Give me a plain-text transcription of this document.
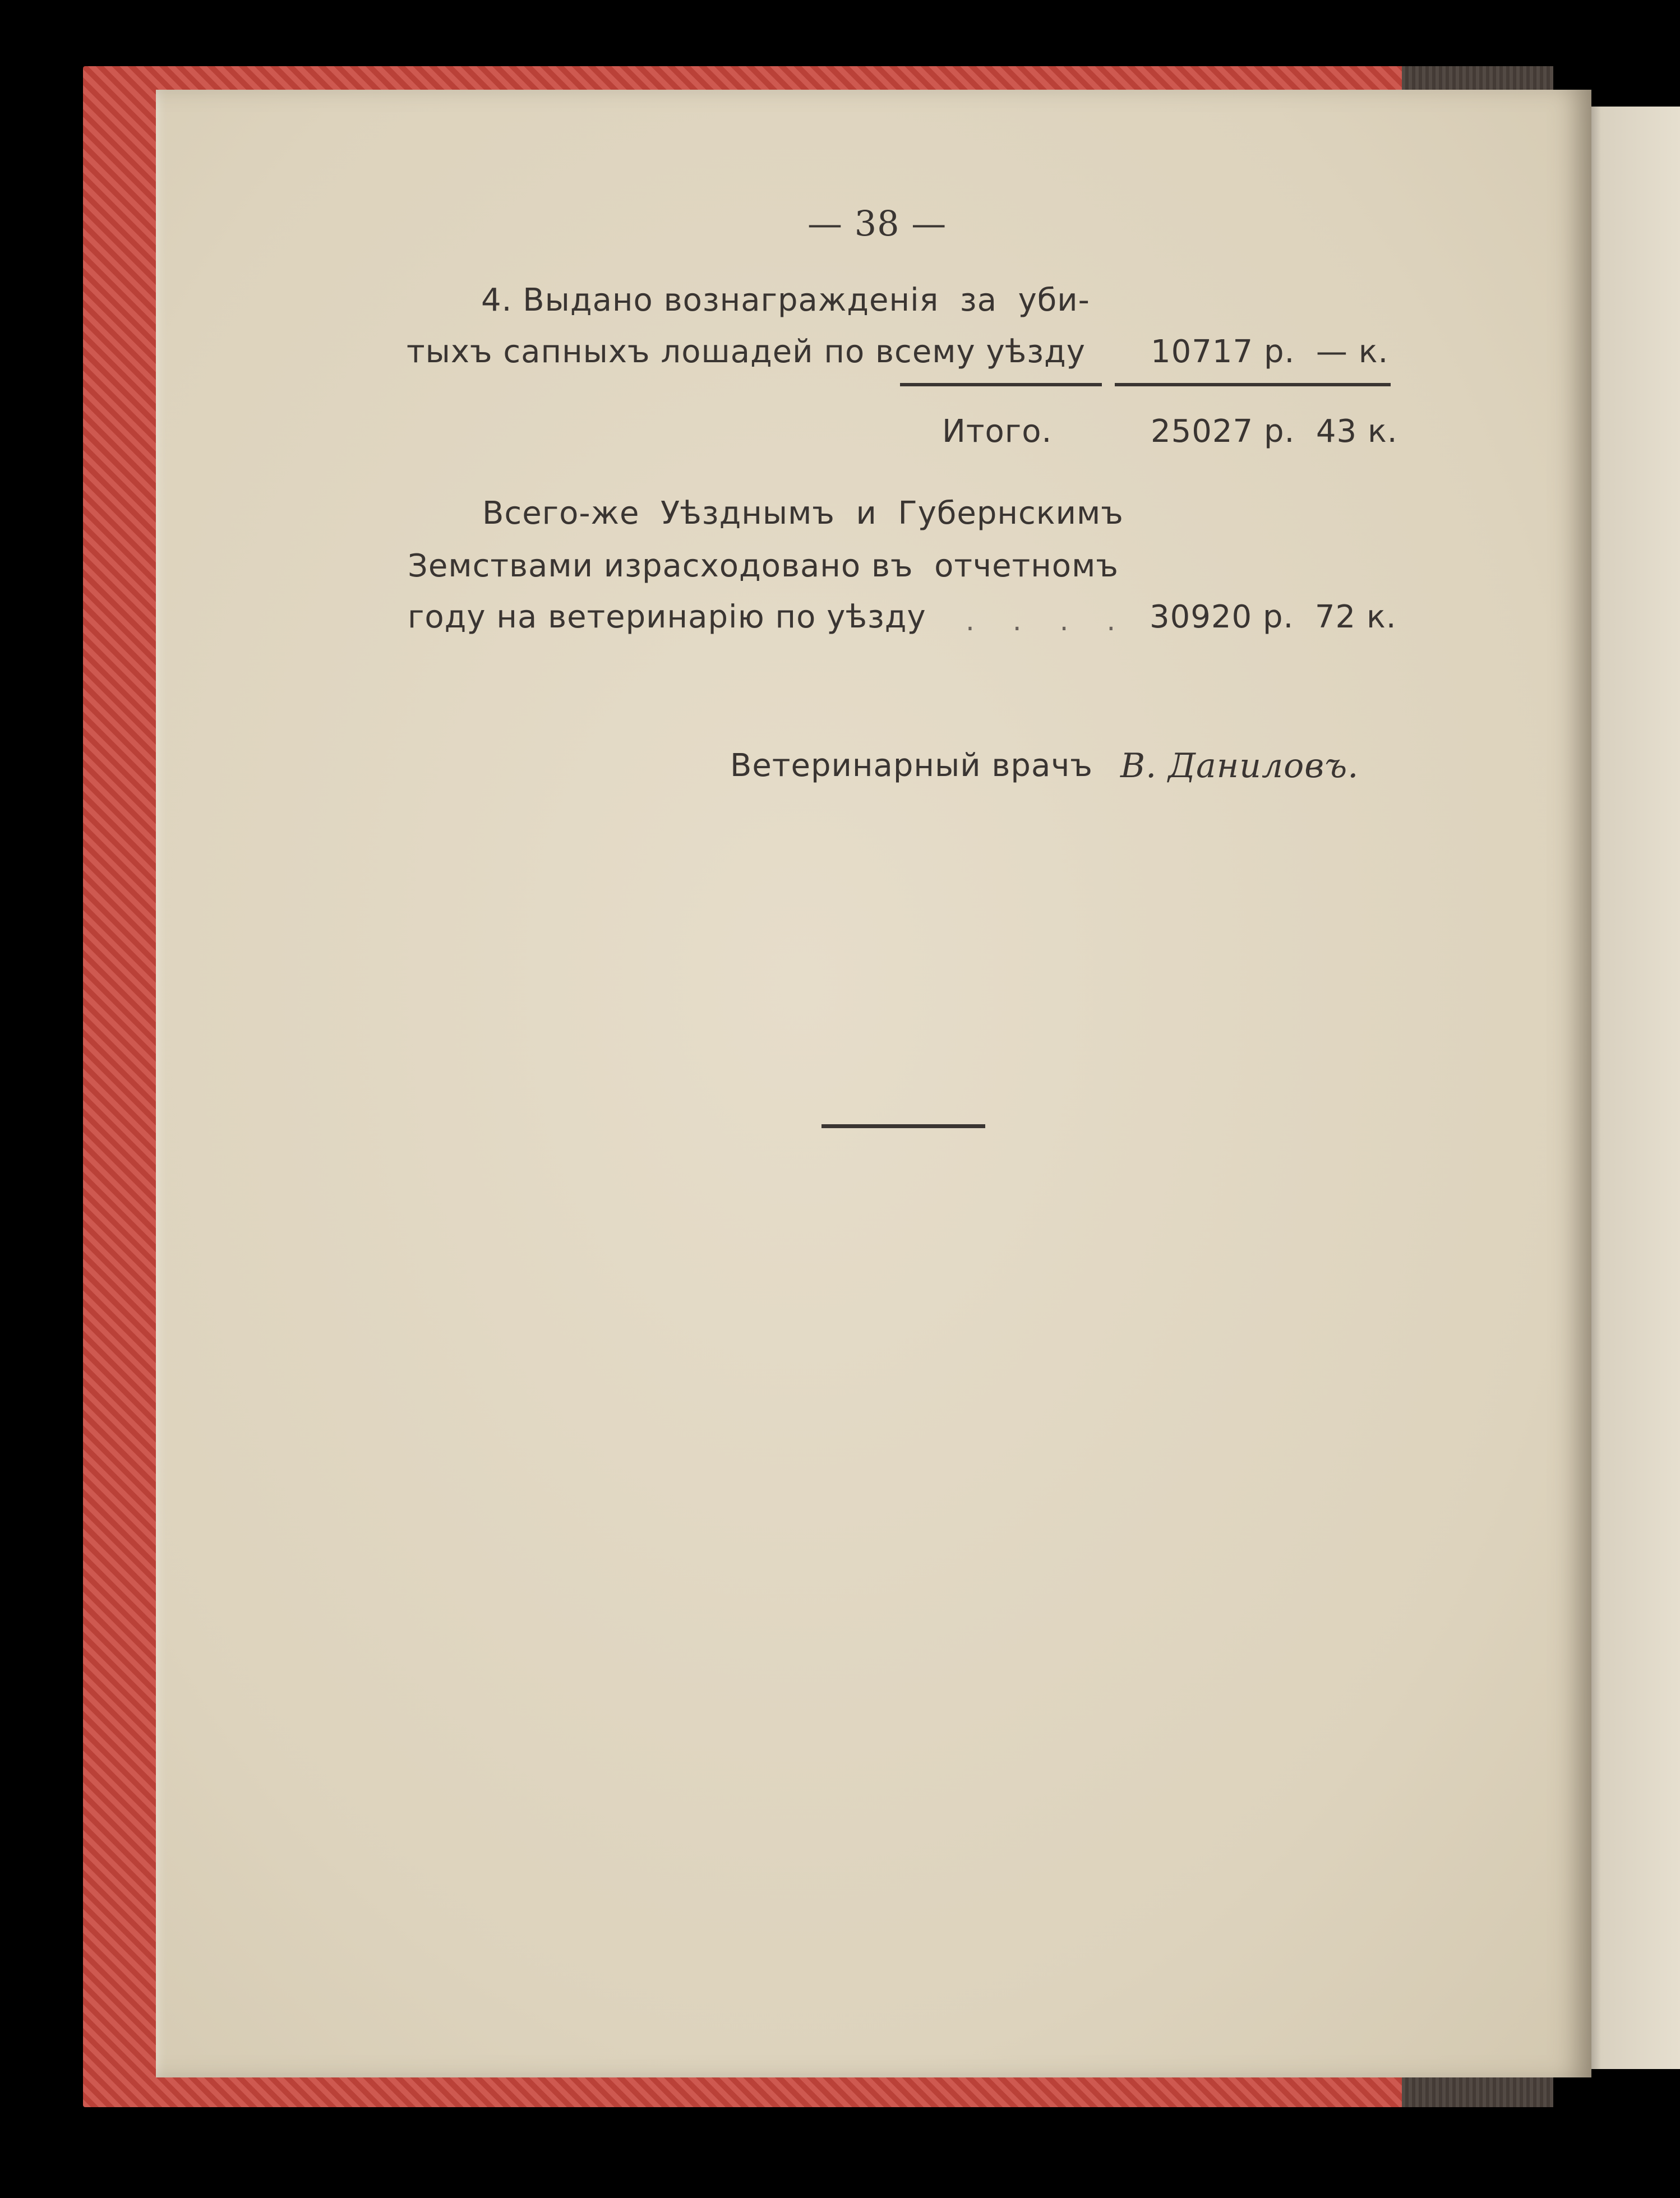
— 38 —
4. Выдано вознагражденія  за  уби-
тыхъ сапныхъ лошадей по всему уѣзду 10717 р.  — к.
Итого.	25027 р.  43 к.
Всего-же  Уѣзднымъ  и  Губернскимъ
Земствами израсходовано въ  отчетномъ
году на ветеринарію по уѣзду . . . . 30920 р.  72 к.
Ветеринарный врачъ В. Даниловъ.
